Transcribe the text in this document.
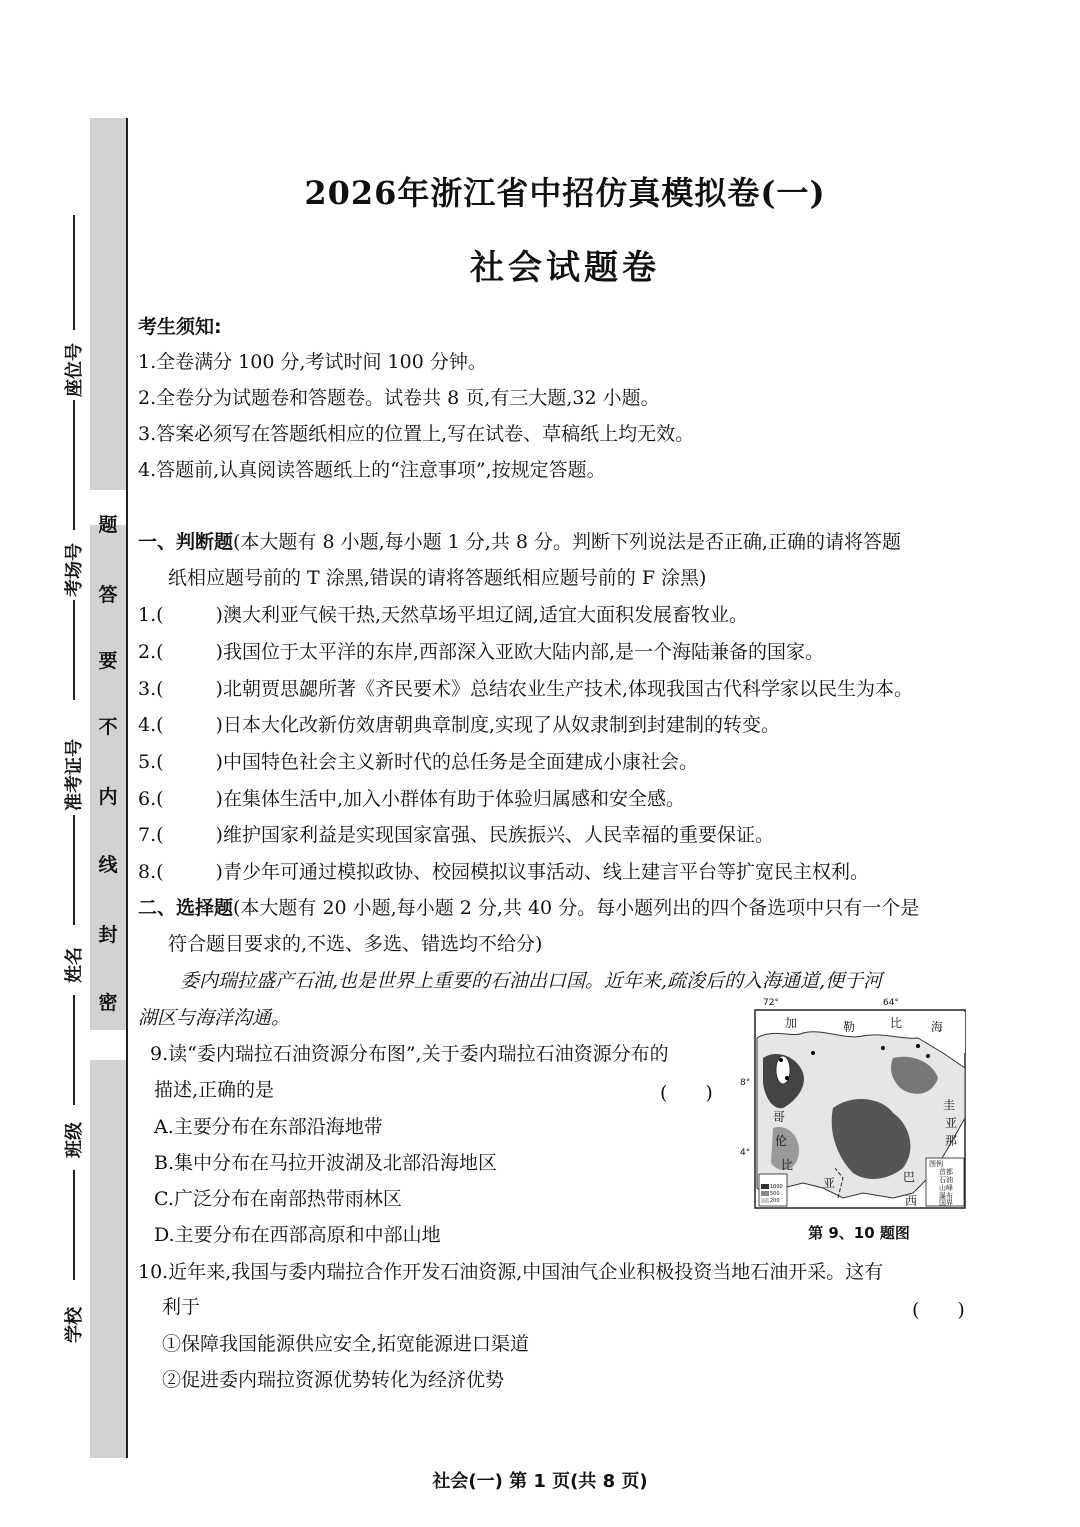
题
答
要
不
内
线
封
密
座位号
考场号
准考证号
姓名
班级
学校
2026年浙江省中招仿真模拟卷(一)
社会试题卷
考生须知:
1.全卷满分 100 分,考试时间 100 分钟。
2.全卷分为试题卷和答题卷。试卷共 8 页,有三大题,32 小题。
3.答案必须写在答题纸相应的位置上,写在试卷、草稿纸上均无效。
4.答题前,认真阅读答题纸上的“注意事项”,按规定答题。
一、判断题(本大题有 8 小题,每小题 1 分,共 8 分。判断下列说法是否正确,正确的请将答题
纸相应题号前的 T 涂黑,错误的请将答题纸相应题号前的 F 涂黑)
1.(	)澳大利亚气候干热,天然草场平坦辽阔,适宜大面积发展畜牧业。
2.(	)我国位于太平洋的东岸,西部深入亚欧大陆内部,是一个海陆兼备的国家。
3.(	)北朝贾思勰所著《齐民要术》总结农业生产技术,体现我国古代科学家以民生为本。
4.(	)日本大化改新仿效唐朝典章制度,实现了从奴隶制到封建制的转变。
5.(	)中国特色社会主义新时代的总任务是全面建成小康社会。
6.(	)在集体生活中,加入小群体有助于体验归属感和安全感。
7.(	)维护国家利益是实现国家富强、民族振兴、人民幸福的重要保证。
8.(	)青少年可通过模拟政协、校园模拟议事活动、线上建言平台等扩宽民主权利。
二、选择题(本大题有 20 小题,每小题 2 分,共 40 分。每小题列出的四个备选项中只有一个是
符合题目要求的,不选、多选、错选均不给分)
委内瑞拉盛产石油,也是世界上重要的石油出口国。近年来,疏浚后的入海通道,便于河
湖区与海洋沟通。
9.读“委内瑞拉石油资源分布图”,关于委内瑞拉石油资源分布的
描述,正确的是	(　　)
A.主要分布在东部沿海地带
B.集中分布在马拉开波湖及北部沿海地区
C.广泛分布在南部热带雨林区
D.主要分布在西部高原和中部山地
72°	64°
8°
4°
加	勒	比 海
哥
伦
比
亚	巴
西
圭
亚
那
图例
首都
石油
山峰
瀑布
国界
1000
500
200
第 9、10 题图
10.近年来,我国与委内瑞拉合作开发石油资源,中国油气企业积极投资当地石油开采。这有
利于	(　　)
①保障我国能源供应安全,拓宽能源进口渠道
②促进委内瑞拉资源优势转化为经济优势
社会(一) 第 1 页(共 8 页)
